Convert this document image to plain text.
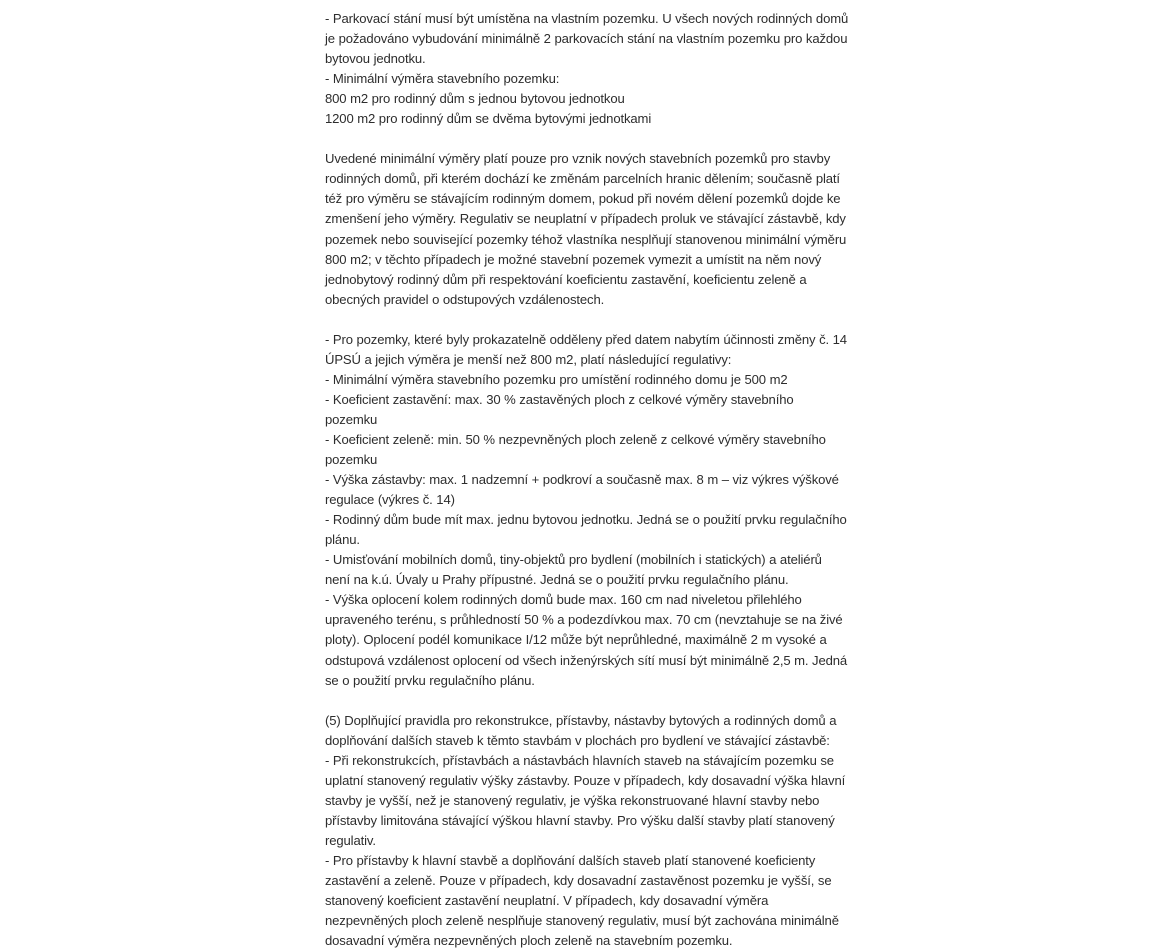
- Parkovací stání musí být umístěna na vlastním pozemku. U všech nových rodinných domů je požadováno vybudování minimálně 2 parkovacích stání na vlastním pozemku pro každou bytovou jednotku.
- Minimální výměra stavebního pozemku:
800 m2 pro rodinný dům s jednou bytovou jednotkou
1200 m2 pro rodinný dům se dvěma bytovými jednotkami

Uvedené minimální výměry platí pouze pro vznik nových stavebních pozemků pro stavby rodinných domů, při kterém dochází ke změnám parcelních hranic dělením; současně platí též pro výměru se stávajícím rodinným domem, pokud při novém dělení pozemků dojde ke zmenšení jeho výměry. Regulativ se neuplatní v případech proluk ve stávající zástavbě, kdy pozemek nebo související pozemky téhož vlastníka nesplňují stanovenou minimální výměru 800 m2; v těchto případech je možné stavební pozemek vymezit a umístit na něm nový jednobytový rodinný dům při respektování koeficientu zastavění, koeficientu zeleně a obecných pravidel o odstupových vzdálenostech.

- Pro pozemky, které byly prokazatelně odděleny před datem nabytím účinnosti změny č. 14 ÚPSÚ a jejich výměra je menší než 800 m2, platí následující regulativy:
- Minimální výměra stavebního pozemku pro umístění rodinného domu je 500 m2
- Koeficient zastavění: max. 30 % zastavěných ploch z celkové výměry stavebního pozemku
- Koeficient zeleně: min. 50 % nezpevněných ploch zeleně z celkové výměry stavebního pozemku
- Výška zástavby: max. 1 nadzemní + podkroví a současně max. 8 m – viz výkres výškové regulace (výkres č. 14)
- Rodinný dům bude mít max. jednu bytovou jednotku. Jedná se o použití prvku regulačního plánu.
- Umisťování mobilních domů, tiny-objektů pro bydlení (mobilních i statických) a ateliérů není na k.ú. Úvaly u Prahy přípustné. Jedná se o použití prvku regulačního plánu.
- Výška oplocení kolem rodinných domů bude max. 160 cm nad niveletou přilehlého upraveného terénu, s průhledností 50 % a podezdívkou max. 70 cm (nevztahuje se na živé ploty). Oplocení podél komunikace I/12 může být neprůhledné, maximálně 2 m vysoké a odstupová vzdálenost oplocení od všech inženýrských sítí musí být minimálně 2,5 m. Jedná se o použití prvku regulačního plánu.

(5) Doplňující pravidla pro rekonstrukce, přístavby, nástavby bytových a rodinných domů a doplňování dalších staveb k těmto stavbám v plochách pro bydlení ve stávající zástavbě:
- Při rekonstrukcích, přístavbách a nástavbách hlavních staveb na stávajícím pozemku se uplatní stanovený regulativ výšky zástavby. Pouze v případech, kdy dosavadní výška hlavní stavby je vyšší, než je stanovený regulativ, je výška rekonstruované hlavní stavby nebo přístavby limitována stávající výškou hlavní stavby. Pro výšku další stavby platí stanovený regulativ.
- Pro přístavby k hlavní stavbě a doplňování dalších staveb platí stanovené koeficienty zastavění a zeleně. Pouze v případech, kdy dosavadní zastavěnost pozemku je vyšší, se stanovený koeficient zastavění neuplatní. V případech, kdy dosavadní výměra nezpevněných ploch zeleně nesplňuje stanovený regulativ, musí být zachována minimálně dosavadní výměra nezpevněných ploch zeleně na stavebním pozemku.
